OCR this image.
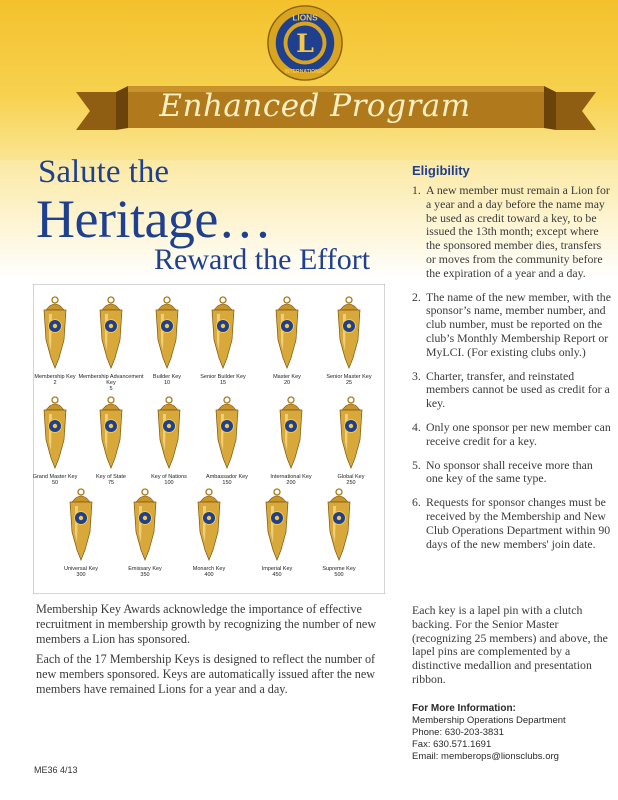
L
LIONS
INTERNATIONAL
Enhanced Program
Salute the
Heritage…
Reward the Effort
Membership Key
2
Membership Advancement
Key
5
Builder Key
10
Senior Builder Key
15
Master Key
20
Senior Master Key
25
Grand Master Key
50
Key of State
75
Key of Nations
100
Ambassador Key
150
International Key
200
Global Key
250
Universal Key
300
Emissary Key
350
Monarch Key
400
Imperial Key
450
Supreme Key
500

Membership Key Awards acknowledge the importance of effective recruitment in membership growth by recognizing the number of new members a Lion has sponsored.

Each of the 17 Membership Keys is designed to reflect the number of new members sponsored. Keys are automatically issued after the new members have remained Lions for a year and a day.

Eligibility
1. A new member must remain a Lion for a year and a day before the name may be used as credit toward a key, to be issued the 13th month; except where the sponsored member dies, transfers or moves from the community before the expiration of a year and a day.
2. The name of the new member, with the sponsor’s name, member number, and club number, must be reported on the club’s Monthly Membership Report or MyLCI. (For existing clubs only.)
3. Charter, transfer, and reinstated members cannot be used as credit for a key.
4. Only one sponsor per new member can receive credit for a key.
5. No sponsor shall receive more than one key of the same type.
6. Requests for sponsor changes must be received by the Membership and New Club Operations Department within 90 days of the new members' join date.

Each key is a lapel pin with a clutch backing. For the Senior Master (recognizing 25 members) and above, the lapel pins are complemented by a distinctive medallion and presentation ribbon.

For More Information:
Membership Operations Department
Phone: 630-203-3831
Fax: 630.571.1691
Email: memberops@lionsclubs.org
ME36 4/13
